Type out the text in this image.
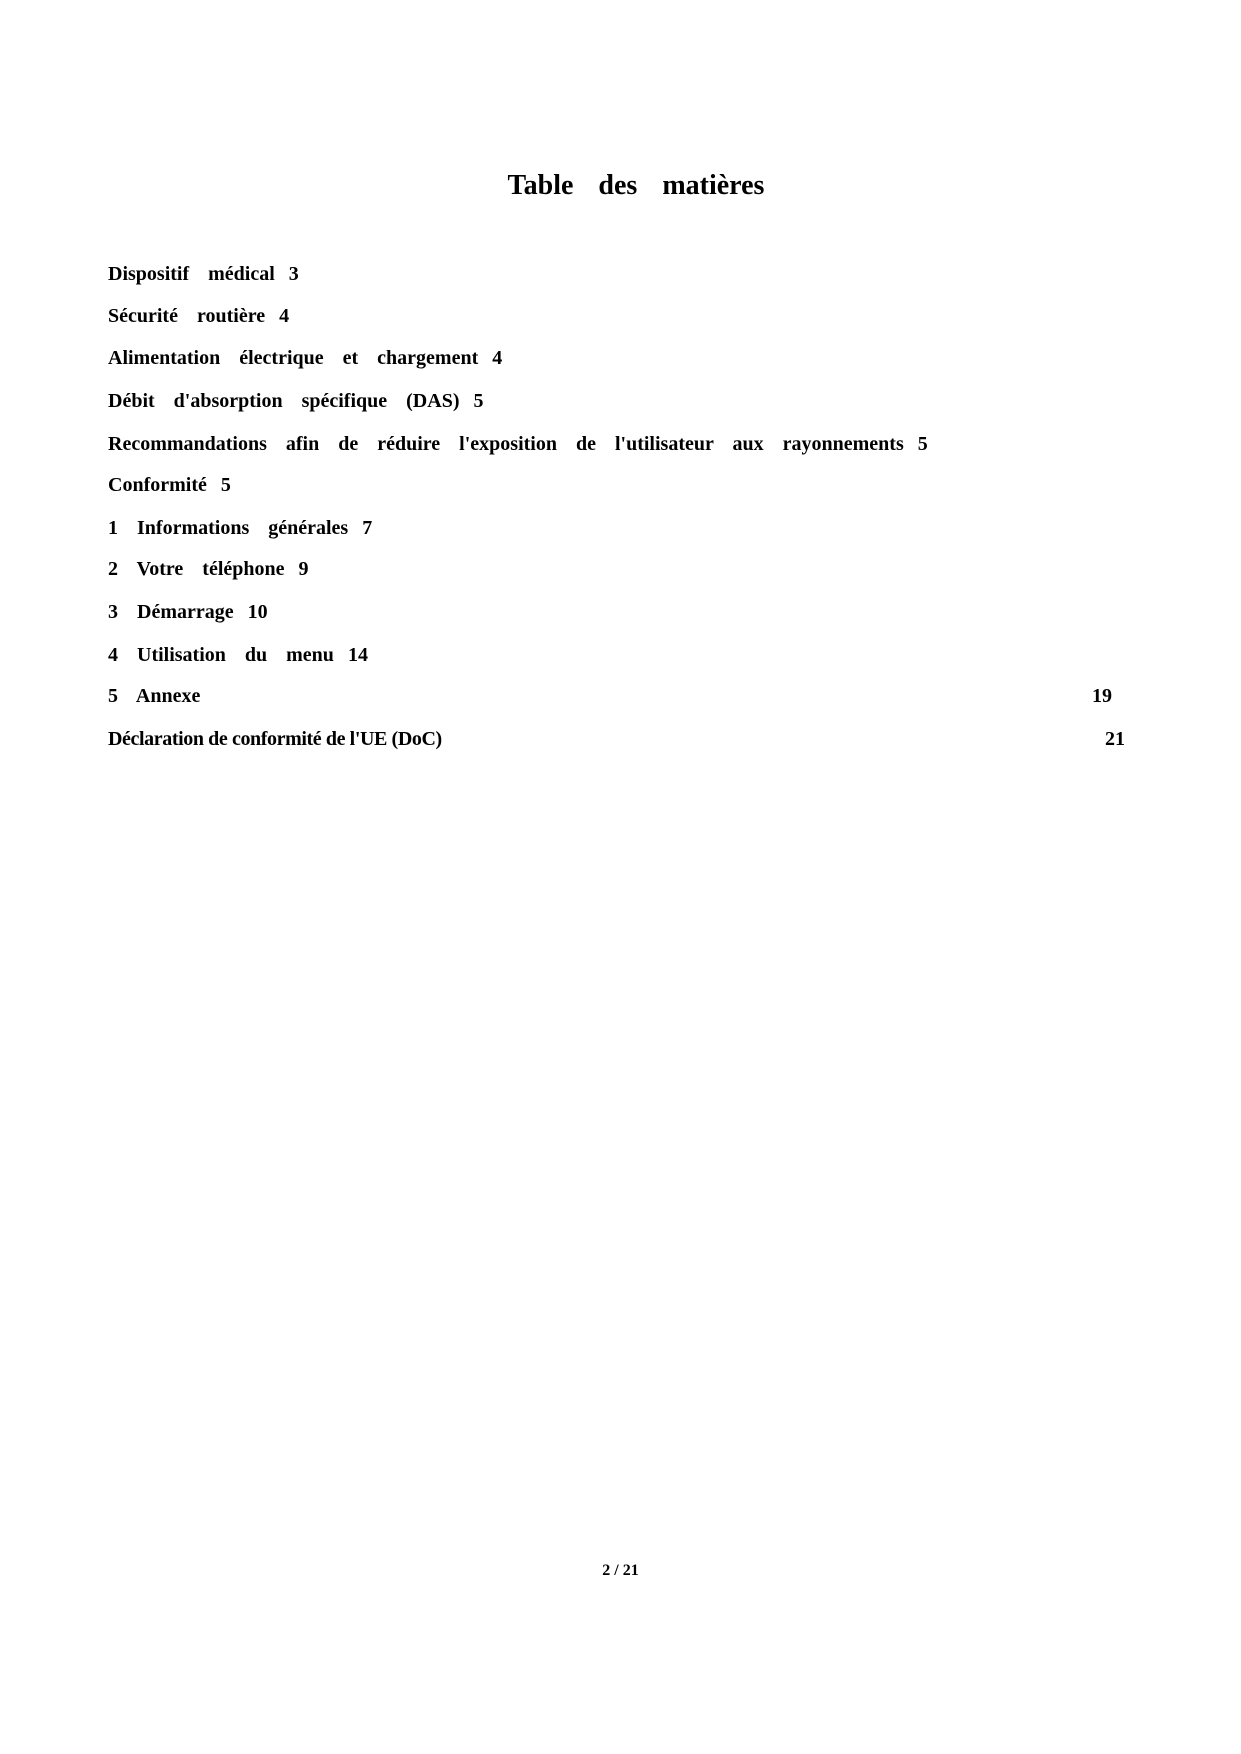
Table des matières
Dispositif médical 3
Sécurité routière 4
Alimentation électrique et chargement 4
Débit d'absorption spécifique (DAS) 5
Recommandations afin de réduire l'exposition de l'utilisateur aux rayonnements 5
Conformité 5
1 Informations générales 7
2 Votre téléphone 9
3 Démarrage 10
4 Utilisation du menu 14
5 Annexe	19
Déclaration de conformité de l'UE (DoC)	21
2 / 21
